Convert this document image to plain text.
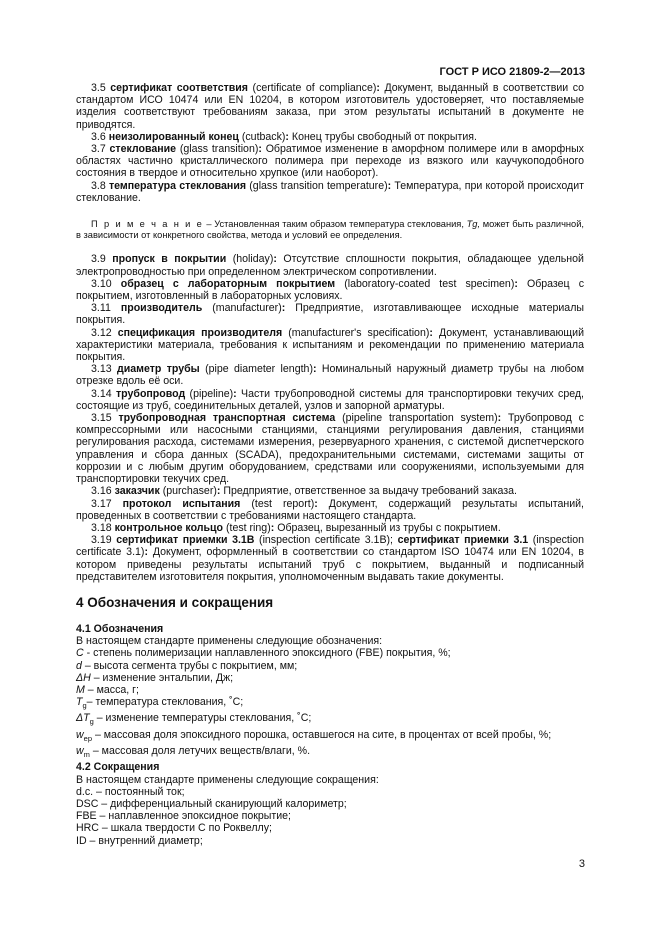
ГОСТ Р ИСО 21809-2—2013

3.5 сертификат соответствия (certificate of compliance): Документ, выданный в соответствии со стандартом ИСО 10474 или EN 10204, в котором изготовитель удостоверяет, что поставляемые изделия соответствуют требованиям заказа, при этом результаты испытаний в документе не приводятся.

3.6 неизолированный конец (cutback): Конец трубы свободный от покрытия.

3.7 стеклование (glass transition): Обратимое изменение в аморфном полимере или в аморфных областях частично кристаллического полимера при переходе из вязкого или каучукоподобного состояния в твердое и относительно хрупкое (или наоборот).

3.8 температура стеклования (glass transition temperature): Температура, при которой происходит стеклование.

П р и м е ч а н и е – Установленная таким образом температура стеклования, Tg, может быть различной, в зависимости от конкретного свойства, метода и условий ее определения.

3.9 пропуск в покрытии (holiday): Отсутствие сплошности покрытия, обладающее удельной электропроводностью при определенном электрическом сопротивлении.

3.10 образец с лабораторным покрытием (laboratory-coated test specimen): Образец с покрытием, изготовленный в лабораторных условиях.

3.11 производитель (manufacturer): Предприятие, изготавливающее исходные материалы покрытия.

3.12 спецификация производителя (manufacturer's specification): Документ, устанавливающий характеристики материала, требования к испытаниям и рекомендации по применению материала покрытия.

3.13 диаметр трубы (pipe diameter length): Номинальный наружный диаметр трубы на любом отрезке вдоль её оси.

3.14 трубопровод (pipeline): Части трубопроводной системы для транспортировки текучих сред, состоящие из труб, соединительных деталей, узлов и запорной арматуры.

3.15 трубопроводная транспортная система (pipeline transportation system): Трубопровод с компрессорными или насосными станциями, станциями регулирования давления, станциями регулирования расхода, системами измерения, резервуарного хранения, с системой диспетчерского управления и сбора данных (SCADA), предохранительными системами, системами защиты от коррозии и с любым другим оборудованием, средствами или сооружениями, используемыми для транспортировки текучих сред.

3.16 заказчик (purchaser): Предприятие, ответственное за выдачу требований заказа.

3.17 протокол испытания (test report): Документ, содержащий результаты испытаний, проведенных в соответствии с требованиями настоящего стандарта.

3.18 контрольное кольцо (test ring): Образец, вырезанный из трубы с покрытием.

3.19 сертификат приемки 3.1В (inspection certificate 3.1B); сертификат приемки 3.1 (inspection certificate 3.1): Документ, оформленный в соответствии со стандартом ISO 10474 или EN 10204, в котором приведены результаты испытаний труб с покрытием, выданный и подписанный представителем изготовителя покрытия, уполномоченным выдавать такие документы.

4 Обозначения и сокращения
4.1 Обозначения

В настоящем стандарте применены следующие обозначения:

C - степень полимеризации наплавленного эпоксидного (FBE) покрытия, %;

d – высота сегмента трубы с покрытием, мм;

ΔH – изменение энтальпии, Дж;

M – масса, г;

$T_g-$ температура стеклования, ˚С;

$\Delta T_g$ – изменение температуры стеклования, ˚С;

$w_{ep}$ – массовая доля эпоксидного порошка, оставшегося на сите, в процентах от всей пробы, %;

$w_m$ – массовая доля летучих веществ/влаги, %.

4.2 Сокращения

В настоящем стандарте применены следующие сокращения:

d.c. – постоянный ток;

DSC – дифференциальный сканирующий калориметр;

FBE – наплавленное эпоксидное покрытие;

HRC – шкала твердости С по Роквеллу;

ID – внутренний диаметр;

3
